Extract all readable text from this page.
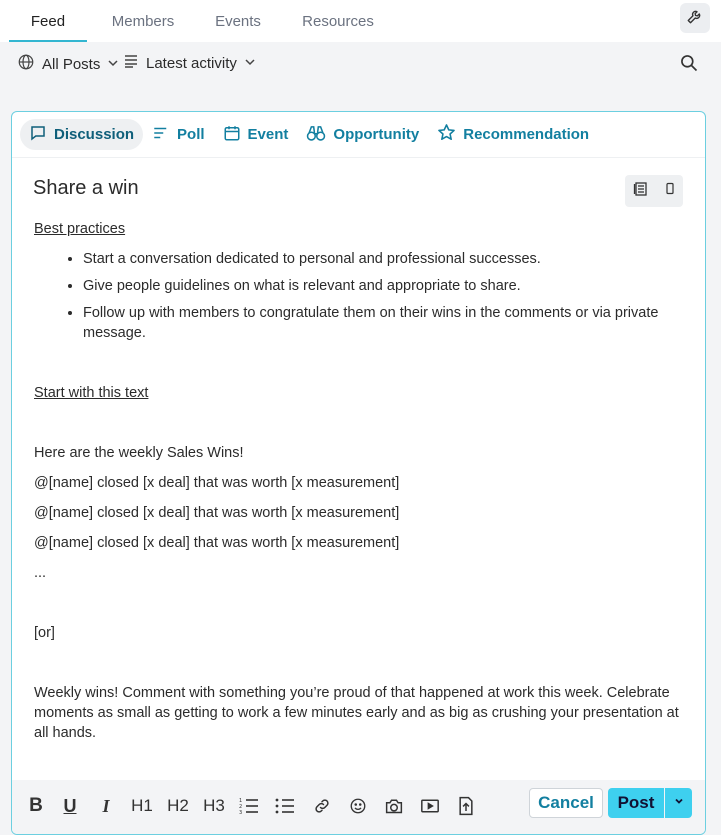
Feed	Members	Events	Resources
All Posts	Latest activity
Discussion	Poll	Event	Opportunity	Recommendation
Share a win
Best practices
• Start a conversation dedicated to personal and professional successes.
• Give people guidelines on what is relevant and appropriate to share.
• Follow up with members to congratulate them on their wins in the comments or via private message.
Start with this text
Here are the weekly Sales Wins!
@[name] closed [x deal] that was worth [x measurement]
@[name] closed [x deal] that was worth [x measurement]
@[name] closed [x deal] that was worth [x measurement]
...
[or]
Weekly wins! Comment with something you’re proud of that happened at work this week. Celebrate moments as small as getting to work a few minutes early and as big as crushing your presentation at all hands.
B U	I	H1 H2 H3	1
2
3
Cancel	Post
